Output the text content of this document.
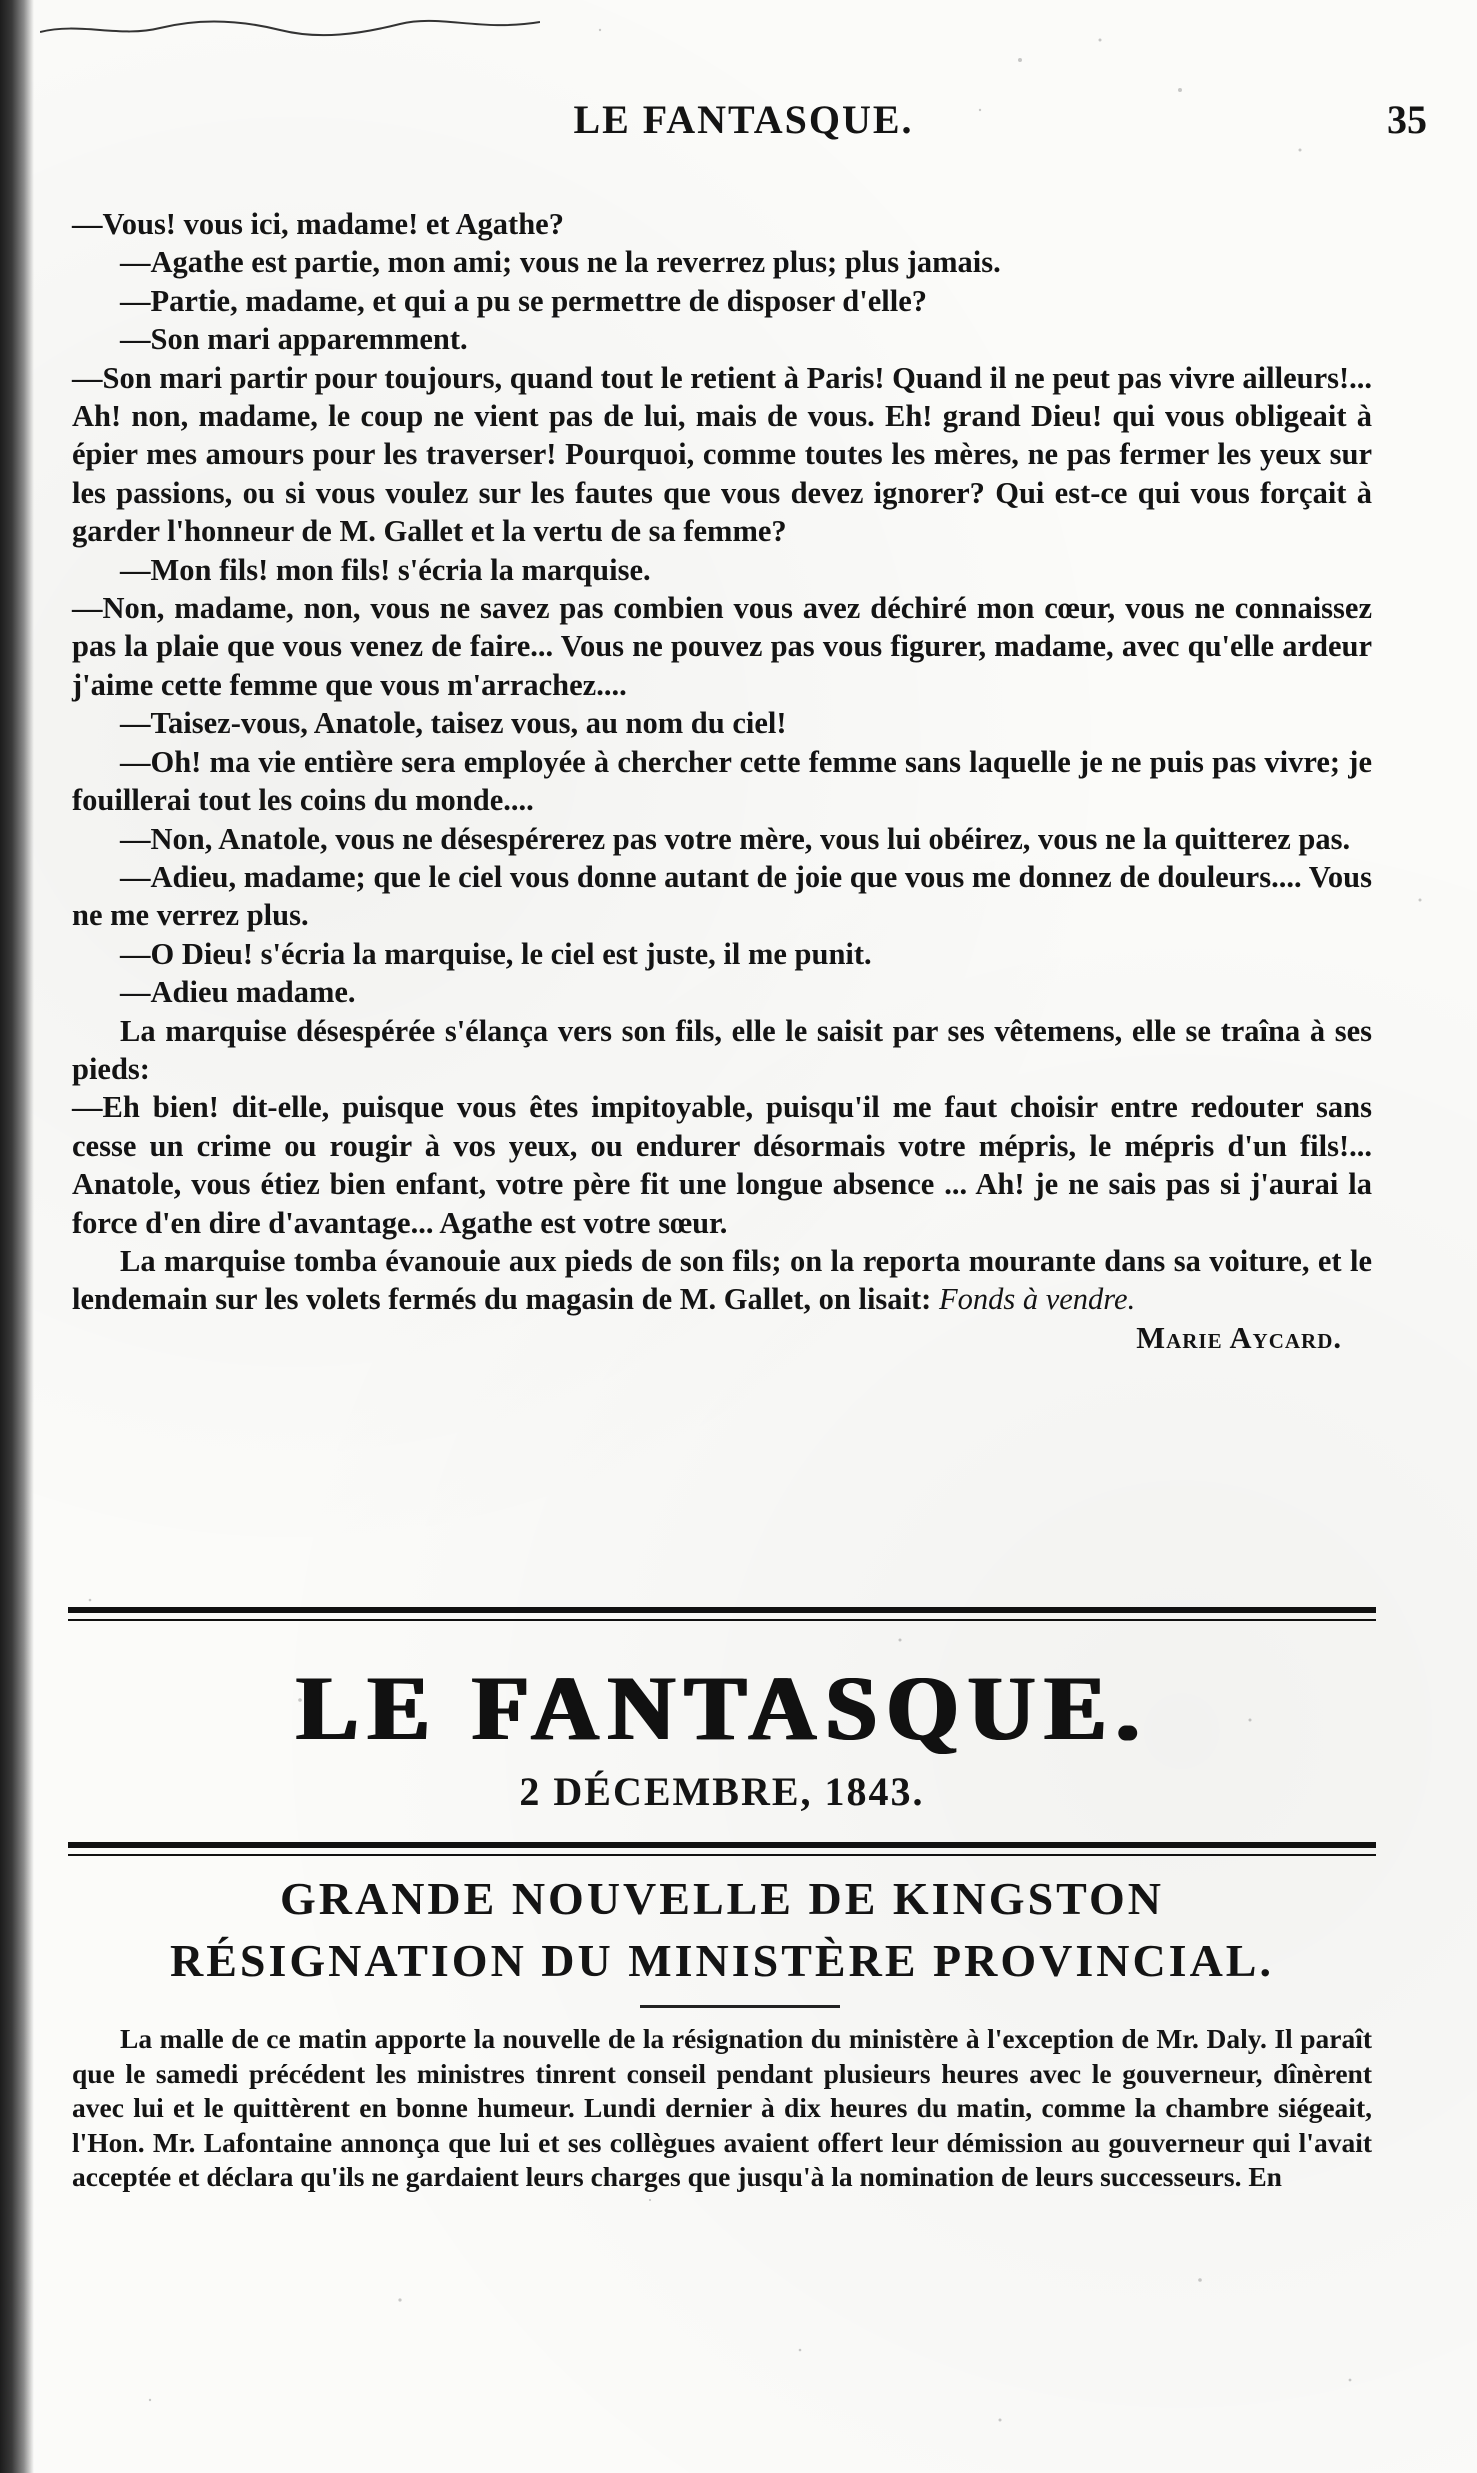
LE FANTASQUE.	35

—Vous! vous ici, madame! et Agathe?

—Agathe est partie, mon ami; vous ne la reverrez plus; plus jamais.

—Partie, madame, et qui a pu se permettre de disposer d'elle?

—Son mari apparemment.

—Son mari partir pour toujours, quand tout le retient à Paris! Quand il ne peut pas vivre ailleurs!... Ah! non, madame, le coup ne vient pas de lui, mais de vous. Eh! grand Dieu! qui vous obligeait à épier mes amours pour les traverser! Pourquoi, comme toutes les mères, ne pas fermer les yeux sur les passions, ou si vous voulez sur les fautes que vous devez ignorer? Qui est-ce qui vous forçait à garder l'honneur de M. Gallet et la vertu de sa femme?

—Mon fils! mon fils! s'écria la marquise.

—Non, madame, non, vous ne savez pas combien vous avez déchiré mon cœur, vous ne connaissez pas la plaie que vous venez de faire... Vous ne pouvez pas vous figurer, madame, avec qu'elle ardeur j'aime cette femme que vous m'arrachez....

—Taisez-vous, Anatole, taisez vous, au nom du ciel!

—Oh! ma vie entière sera employée à chercher cette femme sans laquelle je ne puis pas vivre; je fouillerai tout les coins du monde....

—Non, Anatole, vous ne désespérerez pas votre mère, vous lui obéirez, vous ne la quitterez pas.

—Adieu, madame; que le ciel vous donne autant de joie que vous me donnez de douleurs.... Vous ne me verrez plus.

—O Dieu! s'écria la marquise, le ciel est juste, il me punit.

—Adieu madame.

La marquise désespérée s'élança vers son fils, elle le saisit par ses vêtemens, elle se traîna à ses pieds:

—Eh bien! dit-elle, puisque vous êtes impitoyable, puisqu'il me faut choisir entre redouter sans cesse un crime ou rougir à vos yeux, ou endurer désormais votre mépris, le mépris d'un fils!... Anatole, vous étiez bien enfant, votre père fit une longue absence ... Ah! je ne sais pas si j'aurai la force d'en dire d'avantage... Agathe est votre sœur.

La marquise tomba évanouie aux pieds de son fils; on la reporta mourante dans sa voiture, et le lendemain sur les volets fermés du magasin de M. Gallet, on lisait: Fonds à vendre.

Marie Aycard.

LE FANTASQUE.
2 DÉCEMBRE, 1843.
GRANDE NOUVELLE DE KINGSTON
RÉSIGNATION DU MINISTÈRE PROVINCIAL.

La malle de ce matin apporte la nouvelle de la résignation du ministère à l'exception de Mr. Daly. Il paraît que le samedi précédent les ministres tinrent conseil pendant plusieurs heures avec le gouverneur, dînèrent avec lui et le quittèrent en bonne humeur. Lundi dernier à dix heures du matin, comme la chambre siégeait, l'Hon. Mr. Lafontaine annonça que lui et ses collègues avaient offert leur démission au gouverneur qui l'avait acceptée et déclara qu'ils ne gardaient leurs charges que jusqu'à la nomination de leurs successeurs. En
